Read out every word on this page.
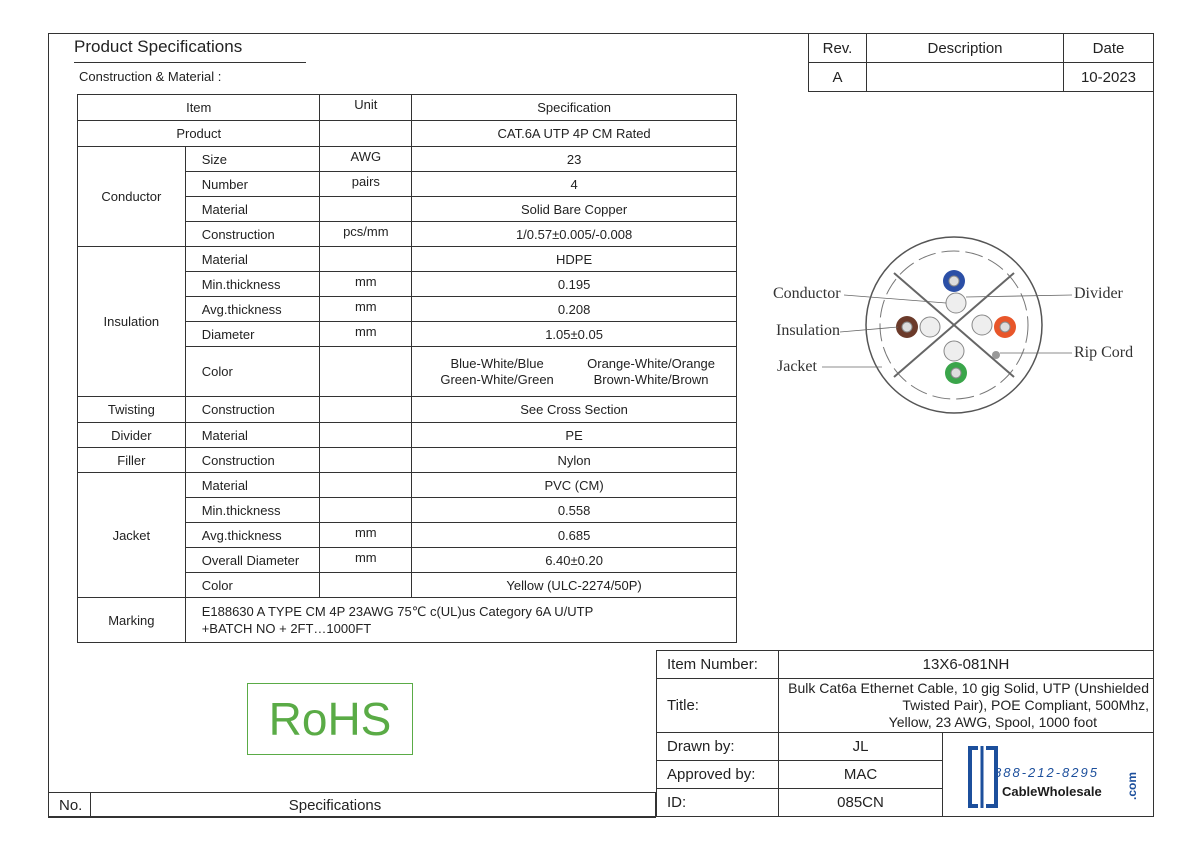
Product Specifications
Construction & Material :
Rev.	Description	Date
A		10-2023
Item		Unit	Specification
Product			CAT.6A UTP 4P CM Rated
Conductor	Size	AWG	23
	Number	pairs	4
	Material		Solid Bare Copper
	Construction	pcs/mm	1/0.57±0.005/-0.008
Insulation	Material		HDPE
	Min.thickness	mm	0.195
	Avg.thickness	mm	0.208
	Diameter	mm	1.05±0.05
	Color		Blue-White/Blue Orange-White/Orange
Green-White/Green Brown-White/Brown

Twisting	Construction		See Cross Section
Divider	Material		PE
Filler	Construction		Nylon
Jacket	Material		PVC (CM)
	Min.thickness		0.558
	Avg.thickness	mm	0.685
	Overall Diameter	mm	6.40±0.20
	Color		Yellow (ULC-2274/50P)
Marking	E188630 A TYPE CM 4P 23AWG 75℃ c(UL)us Category 6A U/UTP
+BATCH NO + 2FT…1000FT		
Conductor
Insulation
Jacket
Divider
Rip Cord
RoHS
Item Number:	13X6-081NH	
Title:	Bulk Cat6a Ethernet Cable, 10 gig Solid, UTP (Unshielded
Twisted Pair), POE Compliant, 500Mhz,
Yellow, 23 AWG, Spool, 1000 foot	

Drawn by:	JL	
Approved by:	MAC	
ID:	085CN	
888-212-8295
CableWholesale .com
No.	Specifications
